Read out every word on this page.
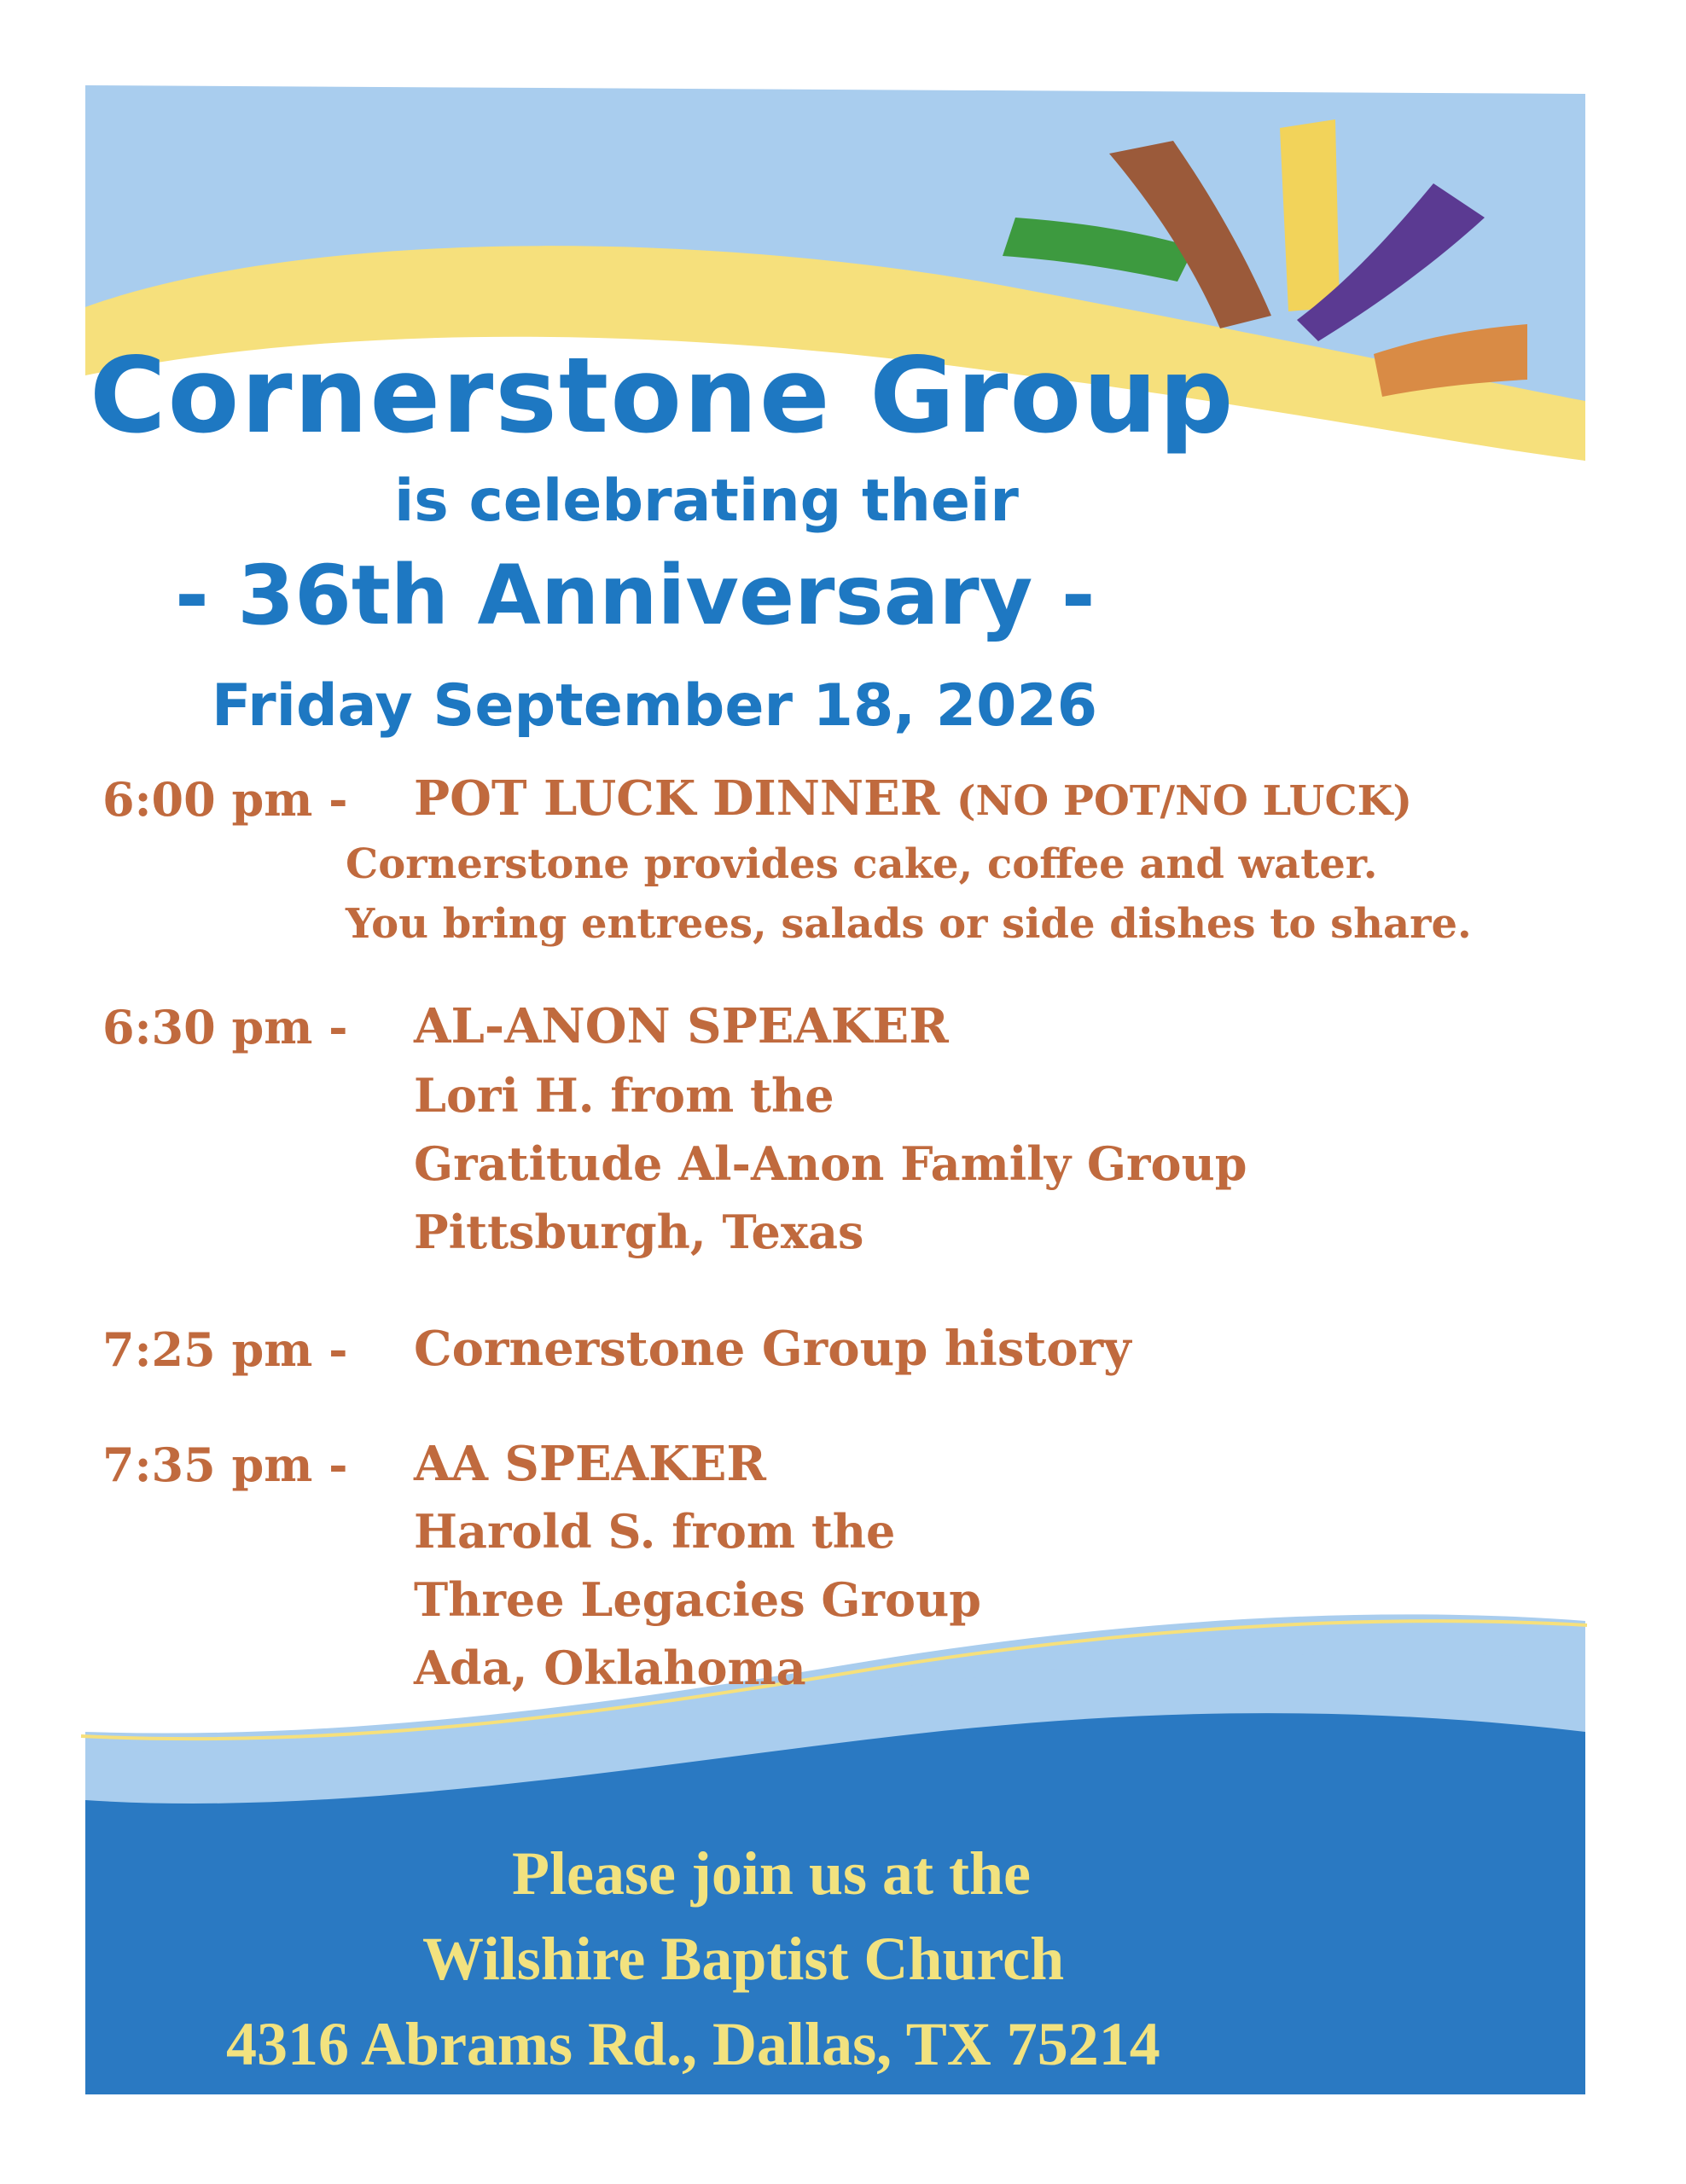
Cornerstone Group
is celebrating their
- 36th Anniversary -
Friday September 18, 2026
6:00 pm - POT LUCK DINNER (NO POT/NO LUCK)
Cornerstone provides cake, coffee and water.
You bring entrees, salads or side dishes to share.
6:30 pm - AL-ANON SPEAKER
Lori H. from the
Gratitude Al-Anon Family Group
Pittsburgh, Texas
7:25 pm - Cornerstone Group history
7:35 pm - AA SPEAKER
Harold S. from the
Three Legacies Group
Ada, Oklahoma
Please join us at the
Wilshire Baptist Church
4316 Abrams Rd., Dallas, TX 75214
